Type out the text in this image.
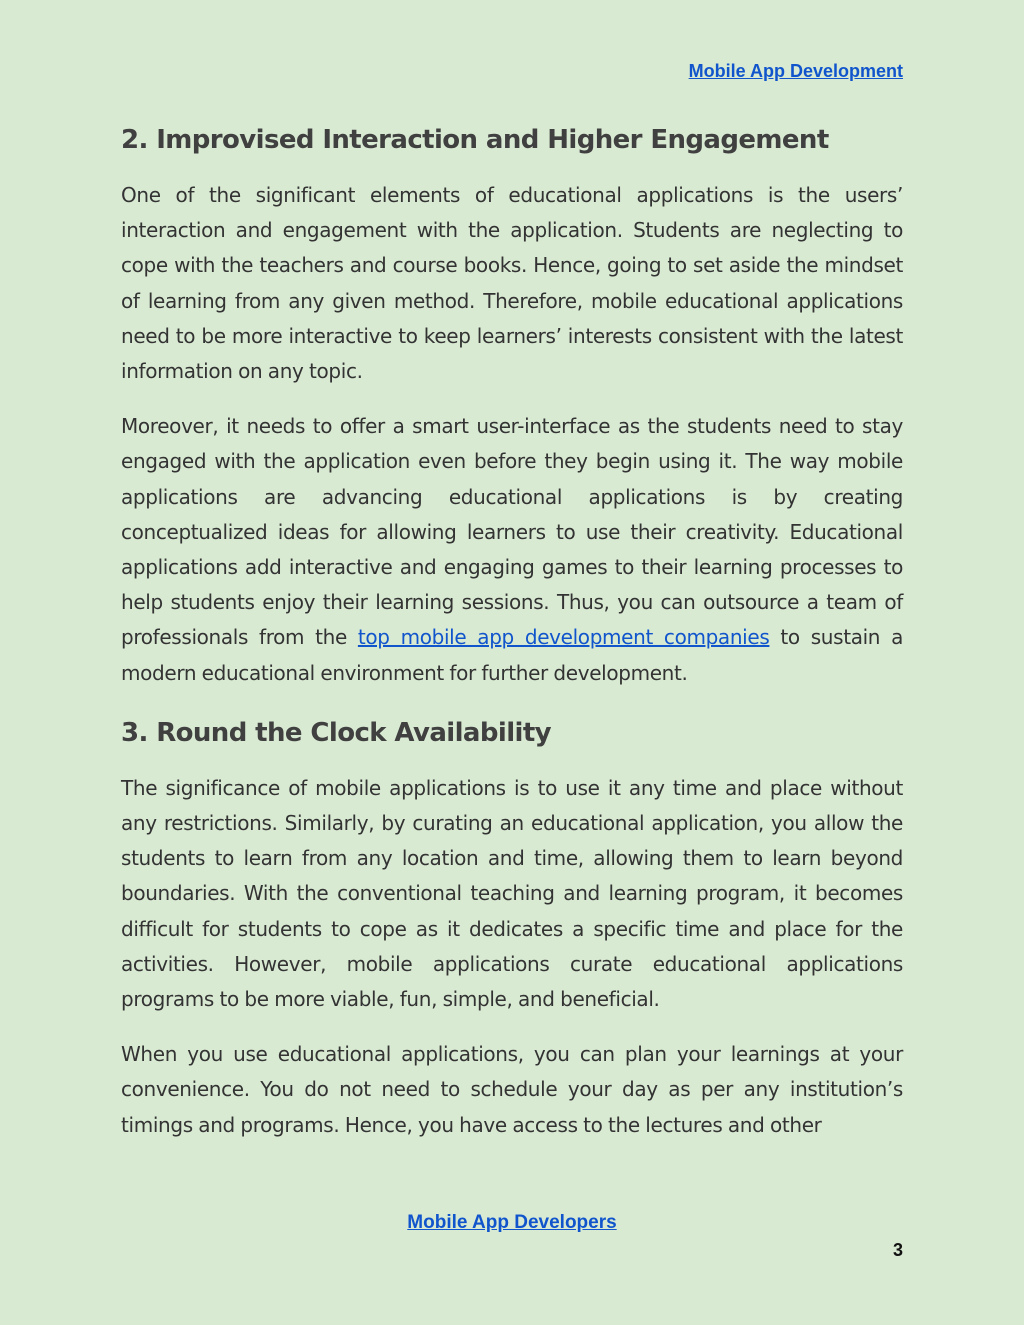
Mobile App Development
2. Improvised Interaction and Higher Engagement

One of the significant elements of educational applications is the users’ interaction and engagement with the application. Students are neglecting to cope with the teachers and course books. Hence, going to set aside the mindset of learning from any given method. Therefore, mobile educational applications need to be more interactive to keep learners’ interests consistent with the latest information on any topic.

Moreover, it needs to offer a smart user-interface as the students need to stay engaged with the application even before they begin using it. The way mobile applications are advancing educational applications is by creating conceptualized ideas for allowing learners to use their creativity. Educational applications add interactive and engaging games to their learning processes to help students enjoy their learning sessions. Thus, you can outsource a team of professionals from the top mobile app development companies to sustain a modern educational environment for further development.

3. Round the Clock Availability

The significance of mobile applications is to use it any time and place without any restrictions. Similarly, by curating an educational application, you allow the students to learn from any location and time, allowing them to learn beyond boundaries. With the conventional teaching and learning program, it becomes difficult for students to cope as it dedicates a specific time and place for the activities. However, mobile applications curate educational applications programs to be more viable, fun, simple, and beneficial.

When you use educational applications, you can plan your learnings at your convenience. You do not need to schedule your day as per any institution’s timings and programs. Hence, you have access to the lectures and other

Mobile App Developers
3
